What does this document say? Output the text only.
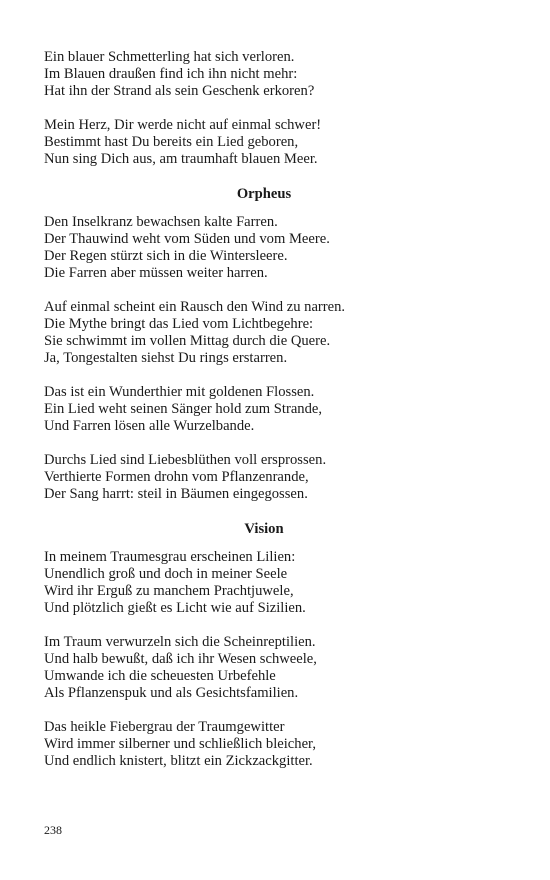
Ein blauer Schmetterling hat sich verloren.
Im Blauen draußen find ich ihn nicht mehr:
Hat ihn der Strand als sein Geschenk erkoren?
Mein Herz, Dir werde nicht auf einmal schwer!
Bestimmt hast Du bereits ein Lied geboren,
Nun sing Dich aus, am traumhaft blauen Meer.
Orpheus
Den Inselkranz bewachsen kalte Farren.
Der Thauwind weht vom Süden und vom Meere.
Der Regen stürzt sich in die Wintersleere.
Die Farren aber müssen weiter harren.
Auf einmal scheint ein Rausch den Wind zu narren.
Die Mythe bringt das Lied vom Lichtbegehre:
Sie schwimmt im vollen Mittag durch die Quere.
Ja, Tongestalten siehst Du rings erstarren.
Das ist ein Wunderthier mit goldenen Flossen.
Ein Lied weht seinen Sänger hold zum Strande,
Und Farren lösen alle Wurzelbande.
Durchs Lied sind Liebesblüthen voll ersprossen.
Verthierte Formen drohn vom Pflanzenrande,
Der Sang harrt: steil in Bäumen eingegossen.
Vision
In meinem Traumesgrau erscheinen Lilien:
Unendlich groß und doch in meiner Seele
Wird ihr Erguß zu manchem Prachtjuwele,
Und plötzlich gießt es Licht wie auf Sizilien.
Im Traum verwurzeln sich die Scheinreptilien.
Und halb bewußt, daß ich ihr Wesen schweele,
Umwande ich die scheuesten Urbefehle
Als Pflanzenspuk und als Gesichtsfamilien.
Das heikle Fiebergrau der Traumgewitter
Wird immer silberner und schließlich bleicher,
Und endlich knistert, blitzt ein Zickzackgitter.
238
